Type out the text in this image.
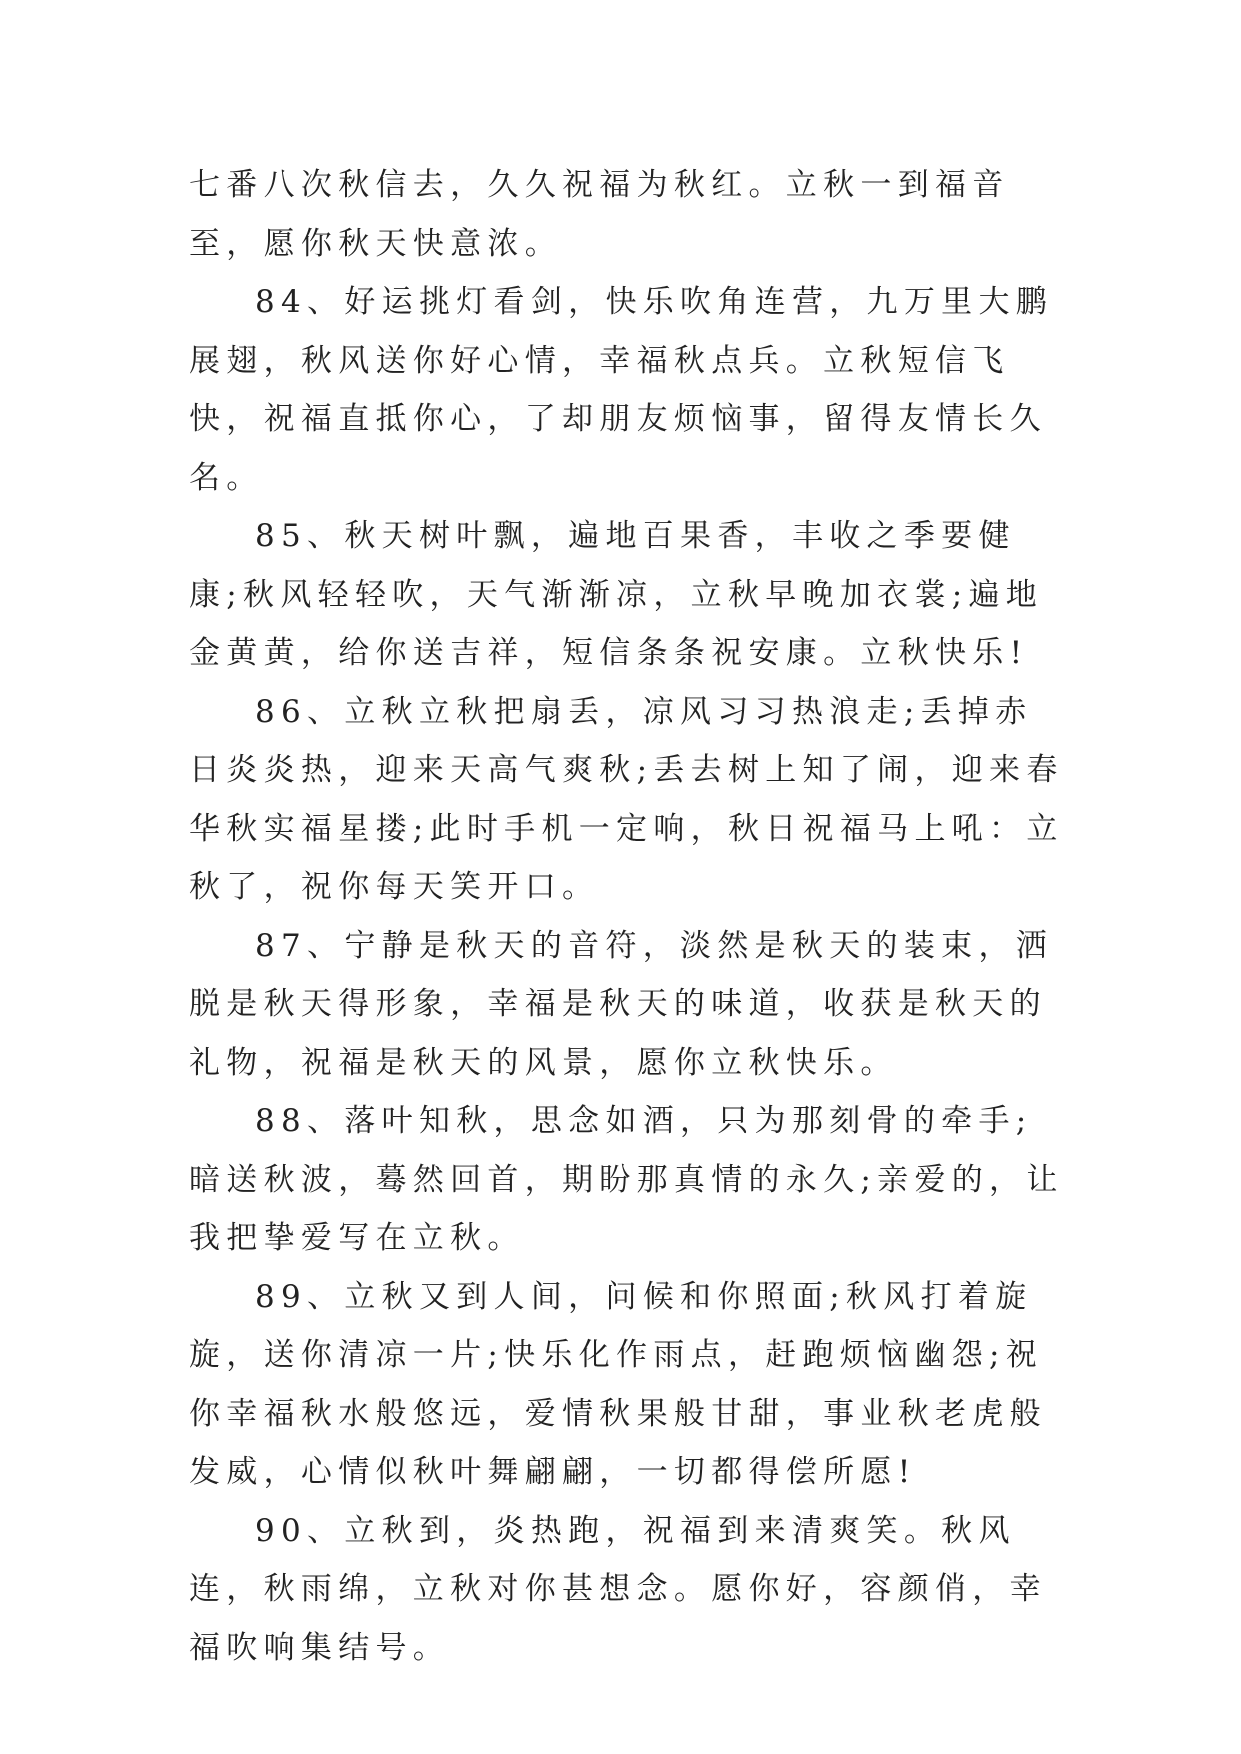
七番八次秋信去，久久祝福为秋红。立秋一到福音至，愿你秋天快意浓。

84、好运挑灯看剑，快乐吹角连营，九万里大鹏展翅，秋风送你好心情，幸福秋点兵。立秋短信飞快，祝福直抵你心，了却朋友烦恼事，留得友情长久名。

85、秋天树叶飘，遍地百果香，丰收之季要健康;秋风轻轻吹，天气渐渐凉，立秋早晚加衣裳;遍地金黄黄，给你送吉祥，短信条条祝安康。立秋快乐!

86、立秋立秋把扇丢，凉风习习热浪走;丢掉赤日炎炎热，迎来天高气爽秋;丢去树上知了闹，迎来春华秋实福星搂;此时手机一定响，秋日祝福马上吼：立秋了，祝你每天笑开口。

87、宁静是秋天的音符，淡然是秋天的装束，洒脱是秋天得形象，幸福是秋天的味道，收获是秋天的礼物，祝福是秋天的风景，愿你立秋快乐。

88、落叶知秋，思念如酒，只为那刻骨的牵手;暗送秋波，蓦然回首，期盼那真情的永久;亲爱的，让我把挚爱写在立秋。

89、立秋又到人间，问候和你照面;秋风打着旋旋，送你清凉一片;快乐化作雨点，赶跑烦恼幽怨;祝你幸福秋水般悠远，爱情秋果般甘甜，事业秋老虎般发威，心情似秋叶舞翩翩，一切都得偿所愿!

90、立秋到，炎热跑，祝福到来清爽笑。秋风连，秋雨绵，立秋对你甚想念。愿你好，容颜俏，幸福吹响集结号。
